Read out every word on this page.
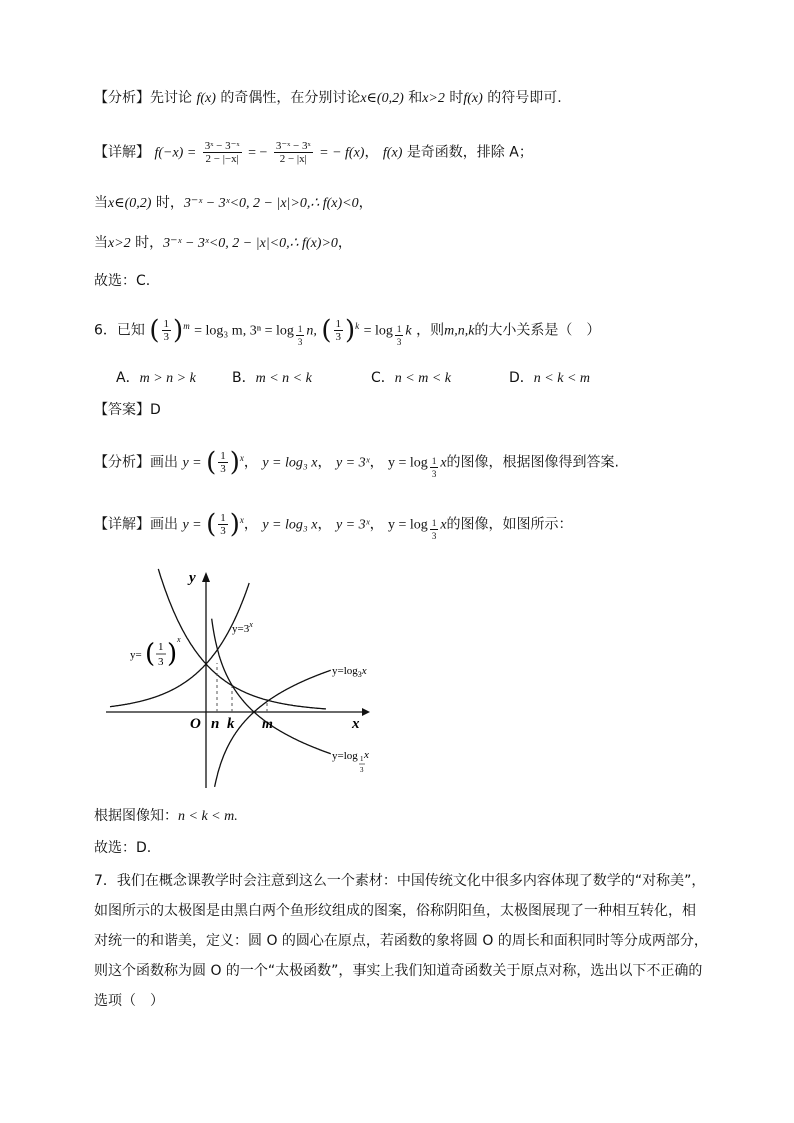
【分析】先讨论 f(x) 的奇偶性，在分别讨论x∈(0,2) 和x>2 时f(x) 的符号即可.
【详解】 $f(-x) = \frac{\text{3ˣ − 3⁻ˣ}}{2 - |-x|}$ = − $\frac{\text{3⁻ˣ − 3ˣ}}{2 - |x|}$ = − f(x)， f(x) 是奇函数，排除 A；
当x∈(0,2) 时，3⁻ˣ − 3ˣ<0, 2 − |x|>0,∴ f(x)<0，
当x>2 时，3⁻ˣ − 3ˣ<0, 2 − |x|<0,∴ f(x)>0，
故选：C.
6．已知 ( $\frac{1}{3} )^m = \log_3$ m, $3^n = \log \frac{1}{3} n$, ( $\frac{1}{3} )^k = \log \frac{1}{3}$ k ，则m,n,k的大小关系是（　）
A．m > n > k	B．m < n < k	C．n < m < k	D．n < k < m
【答案】D
【分析】画出 y = ( $\frac{1}{3} )^x$， y = log₃ x， y = 3ˣ， $y = \log \frac{1}{3}$ x的图像，根据图像得到答案.
【详解】画出 y = ( $\frac{1}{3} )^x$， y = log₃ x， y = 3ˣ， $y = \log \frac{1}{3}$ x的图像，如图所示：
y
x
O n k m
$y=3^x$
$y=\log_3x$
y=log x
1
3
y= ( 1
3 ) x
根据图像知：n < k < m.
故选：D.
7．我们在概念课教学时会注意到这么一个素材：中国传统文化中很多内容体现了数学的“对称美”，
如图所示的太极图是由黑白两个鱼形纹组成的图案，俗称阴阳鱼，太极图展现了一种相互转化，相
对统一的和谐美，定义：圆 O 的圆心在原点，若函数的象将圆 O 的周长和面积同时等分成两部分，
则这个函数称为圆 O 的一个“太极函数”，事实上我们知道奇函数关于原点对称，选出以下不正确的
选项（　）
